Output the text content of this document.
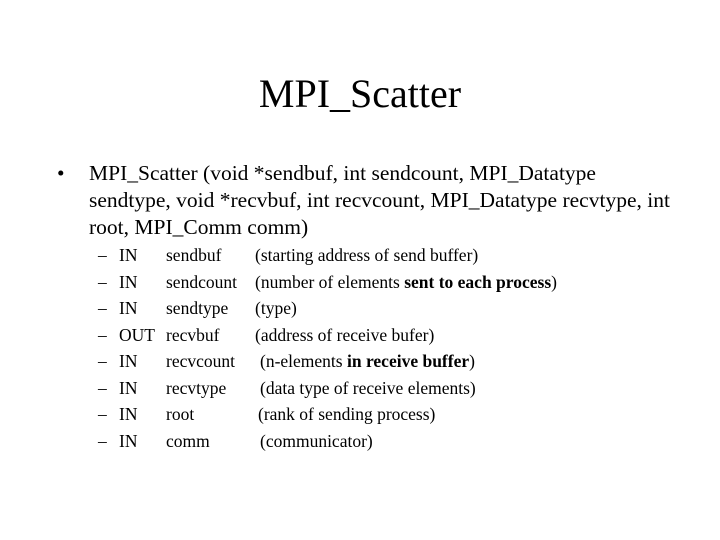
MPI_Scatter
• MPI_Scatter (void *sendbuf, int sendcount, MPI_Datatype sendtype, void *recvbuf, int recvcount, MPI_Datatype recvtype, int root, MPI_Comm comm)
– IN sendbuf (starting address of send buffer)
– IN sendcount (number of elements sent to each process)
– IN sendtype (type)
– OUT recvbuf (address of receive bufer)
– IN recvcount (n-elements in receive buffer)
– IN recvtype (data type of receive elements)
– IN root	(rank of sending process)
– IN comm	(communicator)
